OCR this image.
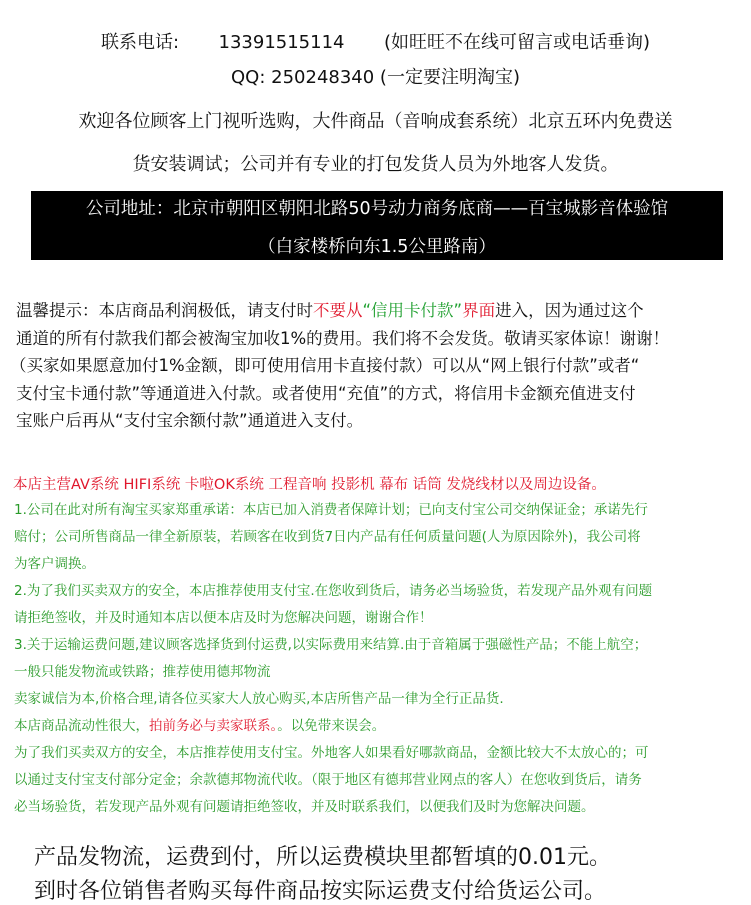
联系电话: 13391515114 (如旺旺不在线可留言或电话垂询)
QQ: 250248340 (一定要注明淘宝)
欢迎各位顾客上门视听选购，大件商品（音响成套系统）北京五环内免费送
货安装调试；公司并有专业的打包发货人员为外地客人发货。
公司地址：北京市朝阳区朝阳北路50号动力商务底商——百宝城影音体验馆
（白家楼桥向东1.5公里路南）
温馨提示：本店商品利润极低，请支付时不要从“信用卡付款”界面进入，因为通过这个
通道的所有付款我们都会被淘宝加收1%的费用。我们将不会发货。敬请买家体谅！谢谢！
（买家如果愿意加付1%金额，即可使用信用卡直接付款）可以从“网上银行付款”或者“
支付宝卡通付款”等通道进入付款。或者使用“充值”的方式，将信用卡金额充值进支付
宝账户后再从“支付宝余额付款”通道进入支付。
本店主营AV系统 HIFI系统 卡啦OK系统 工程音响 投影机 幕布 话筒 发烧线材以及周边设备。
1.公司在此对所有淘宝买家郑重承诺：本店已加入消费者保障计划；已向支付宝公司交纳保证金；承诺先行
赔付；公司所售商品一律全新原装，若顾客在收到货7日内产品有任何质量问题(人为原因除外)，我公司将
为客户调换。
2.为了我们买卖双方的安全，本店推荐使用支付宝.在您收到货后，请务必当场验货，若发现产品外观有问题
请拒绝签收，并及时通知本店以便本店及时为您解决问题，谢谢合作！
3.关于运输运费问题,建议顾客选择货到付运费,以实际费用来结算.由于音箱属于强磁性产品；不能上航空；
一般只能发物流或铁路；推荐使用德邦物流
卖家诚信为本,价格合理,请各位买家大人放心购买,本店所售产品一律为全行正品货.
本店商品流动性很大，拍前务必与卖家联系。。以免带来误会。
为了我们买卖双方的安全，本店推荐使用支付宝。外地客人如果看好哪款商品，金额比较大不太放心的；可
以通过支付宝支付部分定金；余款德邦物流代收。（限于地区有德邦营业网点的客人）在您收到货后，请务
必当场验货，若发现产品外观有问题请拒绝签收，并及时联系我们，以便我们及时为您解决问题。
产品发物流，运费到付，所以运费模块里都暂填的0.01元。
到时各位销售者购买每件商品按实际运费支付给货运公司。
